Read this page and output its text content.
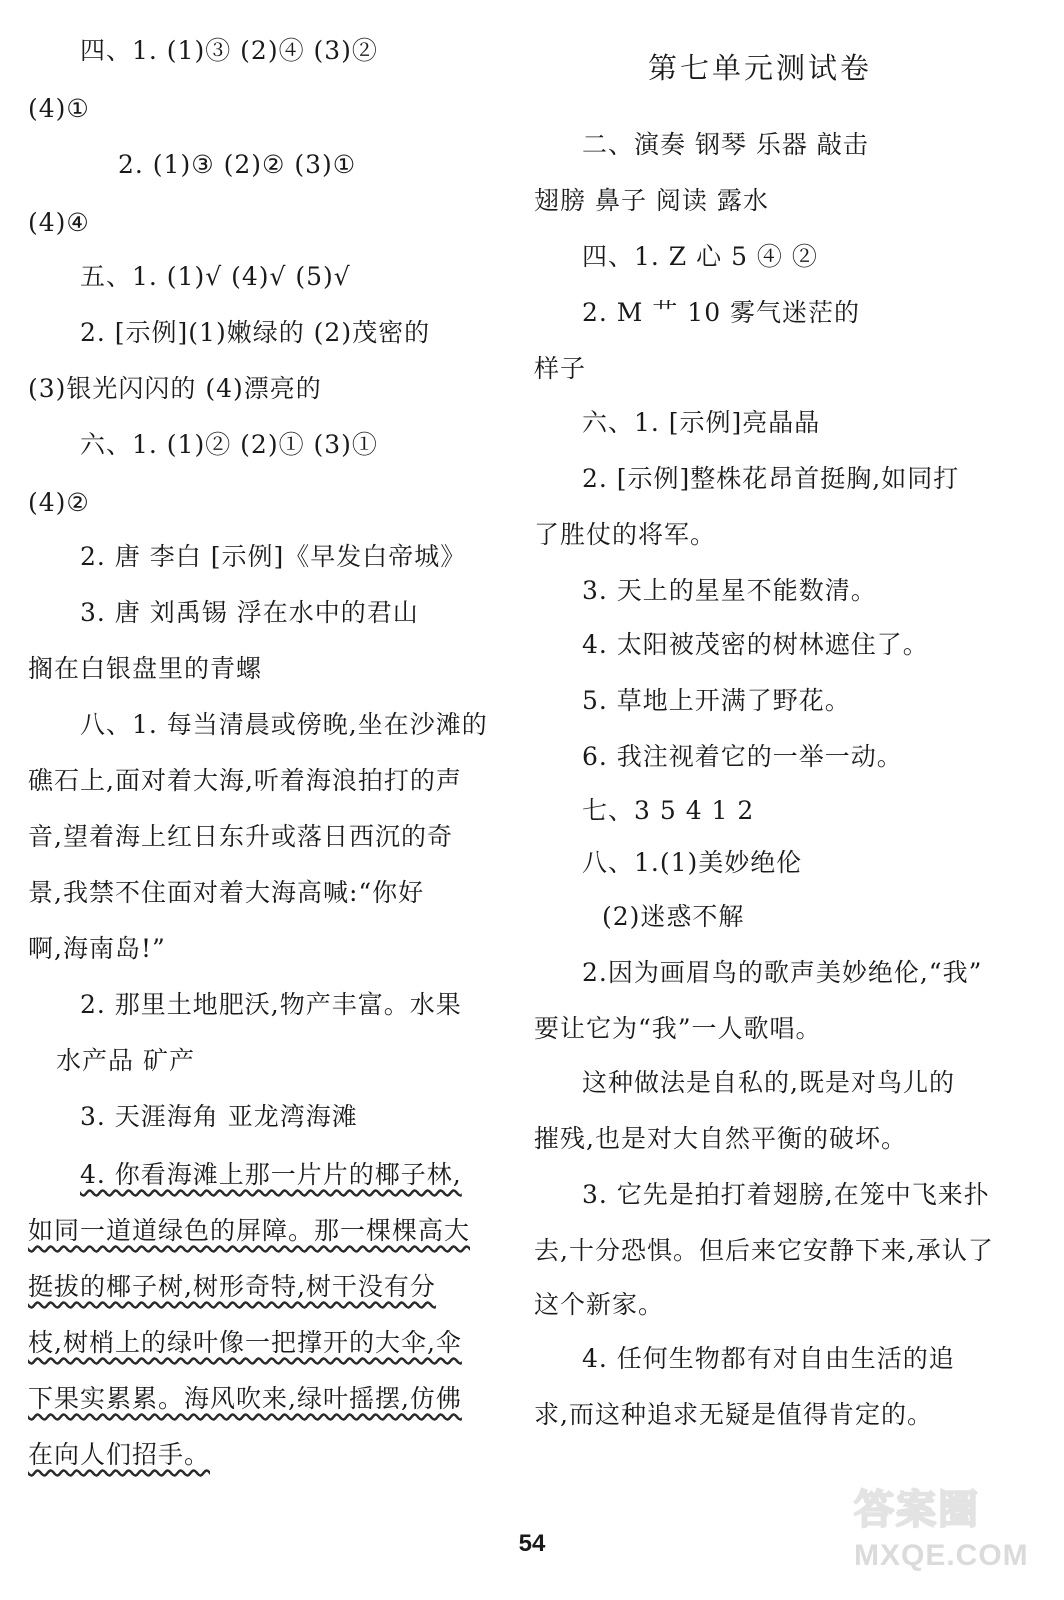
四、1. (1)③ (2)④ (3)②
(4)①
2. (1)③ (2)② (3)①
(4)④
五、1. (1)√ (4)√ (5)√
2. [示例](1)嫩绿的 (2)茂密的
(3)银光闪闪的 (4)漂亮的
六、1. (1)② (2)① (3)①
(4)②
2. 唐 李白 [示例]《早发白帝城》
3. 唐 刘禹锡 浮在水中的君山
搁在白银盘里的青螺
八、1. 每当清晨或傍晚,坐在沙滩的
礁石上,面对着大海,听着海浪拍打的声
音,望着海上红日东升或落日西沉的奇
景,我禁不住面对着大海高喊:“你好
啊,海南岛!”
2. 那里土地肥沃,物产丰富。水果
水产品 矿产
3. 天涯海角 亚龙湾海滩
4. 你看海滩上那一片片的椰子林,
如同一道道绿色的屏障。那一棵棵高大
挺拔的椰子树,树形奇特,树干没有分
枝,树梢上的绿叶像一把撑开的大伞,伞
下果实累累。海风吹来,绿叶摇摆,仿佛
在向人们招手。
第七单元测试卷
二、演奏 钢琴 乐器 敲击
翅膀 鼻子 阅读 露水
四、1. Z 心 5 ④ ②
2. M 艹 10 雾气迷茫的
样子
六、1. [示例]亮晶晶
2. [示例]整株花昂首挺胸,如同打
了胜仗的将军。
3. 天上的星星不能数清。
4. 太阳被茂密的树林遮住了。
5. 草地上开满了野花。
6. 我注视着它的一举一动。
七、3 5 4 1 2
八、1.(1)美妙绝伦
(2)迷惑不解
2.因为画眉鸟的歌声美妙绝伦,“我”
要让它为“我”一人歌唱。
这种做法是自私的,既是对鸟儿的
摧残,也是对大自然平衡的破坏。
3. 它先是拍打着翅膀,在笼中飞来扑
去,十分恐惧。但后来它安静下来,承认了
这个新家。
4. 任何生物都有对自由生活的追
求,而这种追求无疑是值得肯定的。
54
答案圈
MXQE.COM
